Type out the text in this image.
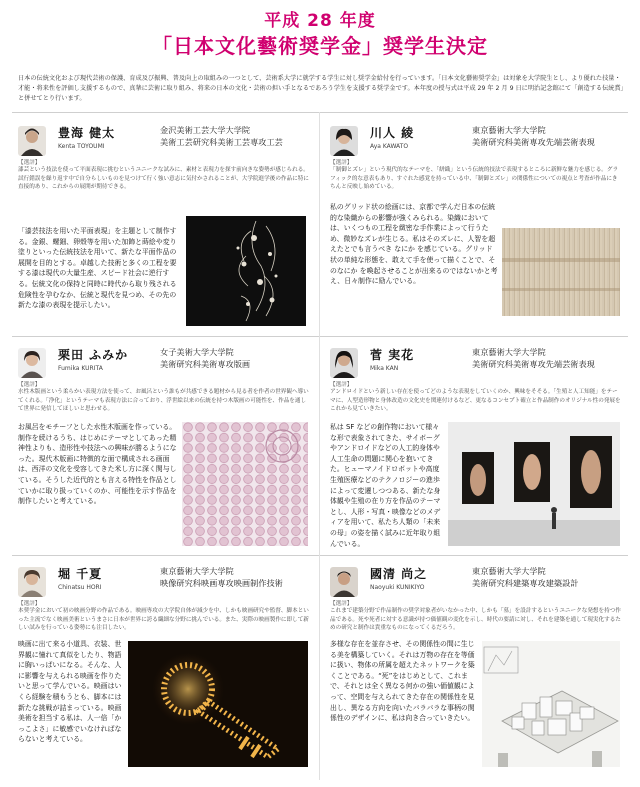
平成 28 年度
「日本文化藝術奨学金」奨学生決定

日本の伝統文化および現代芸術の保護、育成及び振興、普及向上の取組みの一つとして、芸術系大学に就学する学生に対し奨学金給付を行っています。「日本文化藝術奨学金」は対象を大学院生とし、より優れた技量・才能・将来性を評価し支援するもので、真摯に芸術に取り組み、将来の日本の文化・芸術の担い手となるであろう学生を支援する奨学金です。本年度の授与式は平成 29 年 2 月 9 日に明治記念館にて「創造する伝統賞」と併せてとり行います。

豊海 健太
Kenta TOYOUMI
金沢美術工芸大学大学院
美術工芸研究科美術工芸専攻工芸
【選評】
漆芸という技法を使って平面表現に挑むというユニークな試みに、素材と表現力を探す前向きな姿勢が感じられる。試行錯誤を繰り返す中で自分らしいものを見つけて行く強い意志に気付かされることが、大学院進学後の作品に特に直接的あり、これからの展開が期待できる。
「漆芸技法を用いた平面表現」を主題として制作する。金銀、螺鈿、卵殻等を用いた加飾と蒔絵や変り塗りといった伝統技法を用いて、新たな平面作品の展開を目的とする。卓越した技術と多くの工程を要する漆は現代の大量生産、スピード社会に逆行する。伝統文化の保持と同時に時代から取り残される危険性を孕むなか、伝統と現代を見つめ、その先の新たな漆の表現を提示したい。
川人 綾
Aya KAWATO
東京藝術大学大学院
美術研究科美術専攻先端芸術表現
【選評】
「制御とズレ」という現代的なテーマを、「絣織」という伝統的技法で表現するところに新鮮な魅力を感じる。グラフィック的な意表もあり、すぐれた感覚を持っている中、「制御とズレ」の関係性についての視点と考査が作品にきちんと反映し始めている。
私のグリッド状の絵画には、京都で学んだ日本の伝統的な染織からの影響が強くみられる。染織においては、いくつもの工程を緻密な手作業によって行うため、微妙なズレが生じる。私はそのズレに、人智を超えたとでも言うべき なにか を感じている。グリッド状の単純な形態を、敢えて手を使って描くことで、そのなにか を喚起させることが出来るのではないかと考え、日々制作に励んでいる。
栗田 ふみか
Fumika KURITA
女子美術大学大学院
美術研究科美術専攻版画
【選評】
水性木版画という柔らかい表現方法を使って、お風呂という誰もが共感できる題材から見る者を作者の世界観へ導いてくれる。「浄化」というテーマも表現方法に合っており、浮世絵以来の伝統を持つ木版画の可能性を、作品を通して世界に発信してほしいと思わせる。
お風呂をモチーフとした水性木版画を作っている。制作を続けるうち、はじめにテーマとしてあった精神性よりも、造形性や技法への興味が勝るようになった。現代木版画に特徴的な面で構成される画面は、西洋の文化を受容してきた米し方に深く関与している。そうした近代的とも言える特性を作品としていかに取り扱っていくのか、可能性を示す作品を制作したいと考えている。
菅 実花
Mika KAN
東京藝術大学大学院
美術研究科美術専攻先端芸術表現
【選評】
アンドロイドという新しい存在を使ってどのような表現をしていくのか、興味をそそる。「生殖と人工知能」をテーマに、人型造形物と身体改造の文化史を関連付けるなど、更なるコンセプト確立と作品制作のオリジナル性の発展をこれから見ていきたい。
私は SF などの創作物において様々な形で表象されてきた、サイボーグやアンドロイドなどの人工的身体や人工生命の問題に関心を抱いてきた。ヒューマノイドロボットや高度生殖医療などのテクノロジーの進歩によって変遷しつつある、新たな身体観や生殖の在り方を作品のテーマとし、人形・写真・映像などのメディアを用いて、私たち人類の「未来の母」の姿を描く試みに近年取り組んでいる。
堀 千夏
Chinatsu HORI
東京藝術大学大学院
映像研究科映画専攻映画制作技術
【選評】
本奨学金において初の映画分野の作品である。映画専攻の大学院自体が減少を中、しかも映画研究や監督、脚本といった主流でなく映画美術というまさに日本が世界に誇る繊細な分野に挑んでいる。また、実際の映画製作に即して新しい試みを行っている姿勢にも注目したい。
映画に出て来る小道具、衣装、世界観に憧れて真似をしたり、物語に胸いっぱいになる。そんな、人に影響を与えられる映画を作りたいと思って学んでいる。映画はいくら経験を積もうとも、脚本には新たな挑戦が詰まっている。映画美術を担当する私は、人一倍「かっこよさ」に敏感でいなければならないと考えている。
國清 尚之
Naoyuki KUNIKIYO
東京藝術大学大学院
美術研究科建築専攻建築設計
【選評】
これまで建築分野で作品制作の奨学対象者がいなかった中、しかも「墓」を設計するというユニークな発想を持つ作品である。死や死者に対する意識が持つ価値観の変化を示し、時代の要請に対し、それを建築を通して現実化するための研究と制作は貴重なものになってくるだろう。
多様な存在を並存させ、その関係性の間に生じる美を構築していく。それは万物の存在を等価に扱い、物体の所属を超えたネットワークを築くことである。“死”をはじめとして、これまで、それとは全く異なる何かの強い価値観によって、空間を与えられてきた存在の関係性を見出し、異なる方向を向いたバラバラな事柄の関係性のデザインに、私は向き合っていきたい。
